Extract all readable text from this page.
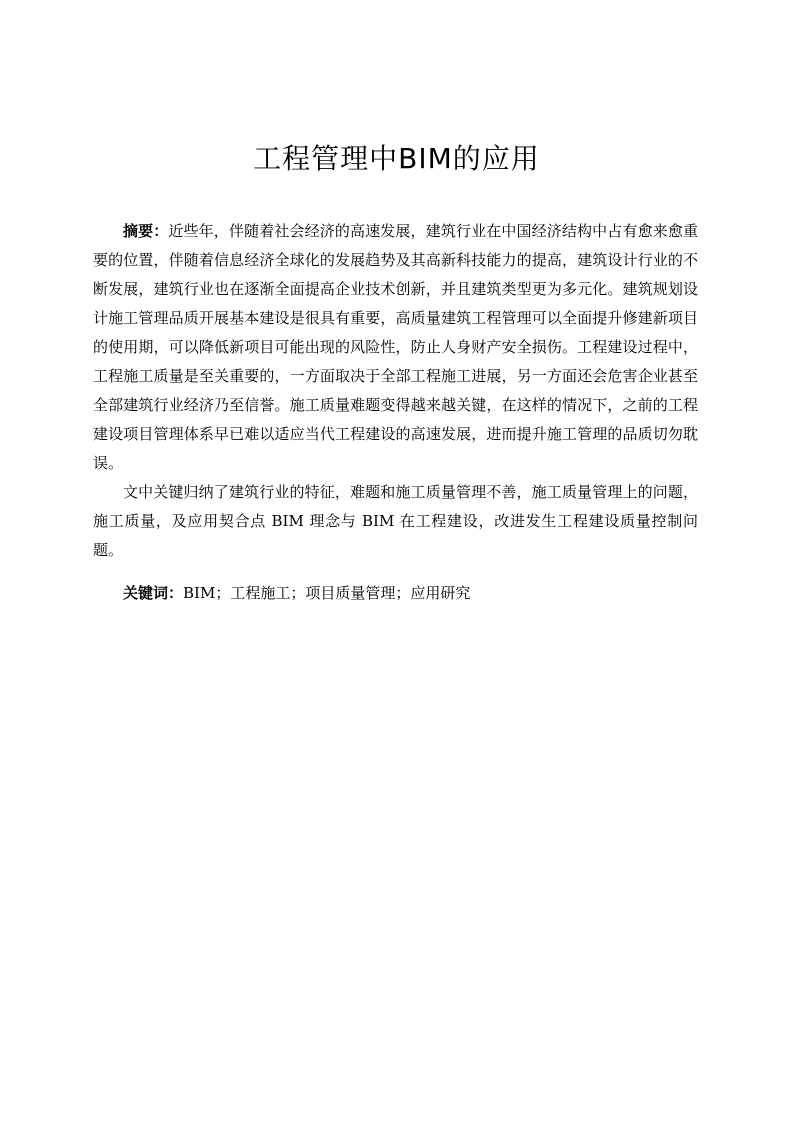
工程管理中BIM的应用

摘要：近些年，伴随着社会经济的高速发展，建筑行业在中国经济结构中占有愈来愈重要的位置，伴随着信息经济全球化的发展趋势及其高新科技能力的提高，建筑设计行业的不断发展，建筑行业也在逐渐全面提高企业技术创新，并且建筑类型更为多元化。建筑规划设计施工管理品质开展基本建设是很具有重要，高质量建筑工程管理可以全面提升修建新项目的使用期，可以降低新项目可能出现的风险性，防止人身财产安全损伤。工程建设过程中，工程施工质量是至关重要的，一方面取决于全部工程施工进展，另一方面还会危害企业甚至全部建筑行业经济乃至信誉。施工质量难题变得越来越关键，在这样的情况下，之前的工程建设项目管理体系早已难以适应当代工程建设的高速发展，进而提升施工管理的品质切勿耽误。

文中关键归纳了建筑行业的特征，难题和施工质量管理不善，施工质量管理上的问题，施工质量，及应用契合点 BIM 理念与 BIM 在工程建设，改进发生工程建设质量控制问题。

关键词：BIM；工程施工；项目质量管理；应用研究
